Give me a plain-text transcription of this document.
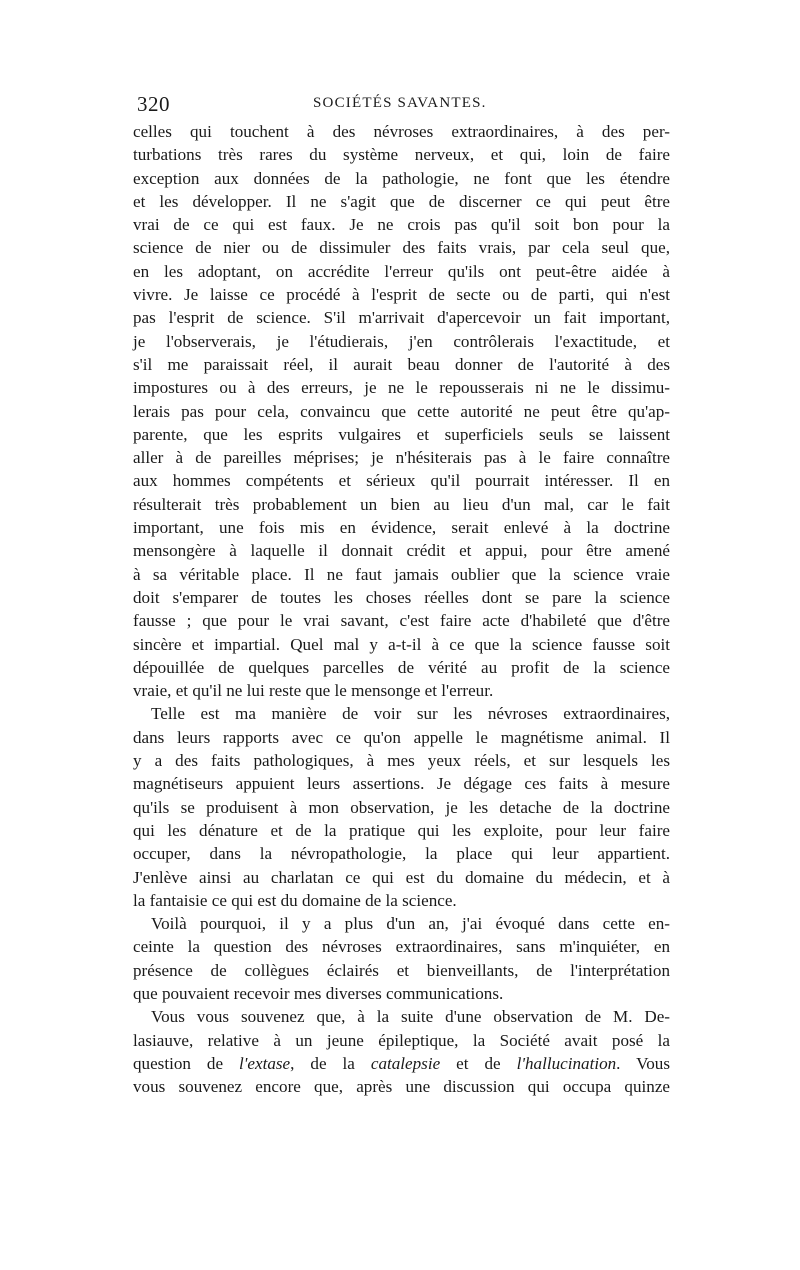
320	SOCIÉTÉS SAVANTES.
celles qui touchent à des névroses extraordinaires, à des per-
turbations très rares du système nerveux, et qui, loin de faire
exception aux données de la pathologie, ne font que les étendre
et les développer. Il ne s'agit que de discerner ce qui peut être
vrai de ce qui est faux. Je ne crois pas qu'il soit bon pour la
science de nier ou de dissimuler des faits vrais, par cela seul que,
en les adoptant, on accrédite l'erreur qu'ils ont peut-être aidée à
vivre. Je laisse ce procédé à l'esprit de secte ou de parti, qui n'est
pas l'esprit de science. S'il m'arrivait d'apercevoir un fait important,
je l'observerais, je l'étudierais, j'en contrôlerais l'exactitude, et
s'il me paraissait réel, il aurait beau donner de l'autorité à des
impostures ou à des erreurs, je ne le repousserais ni ne le dissimu-
lerais pas pour cela, convaincu que cette autorité ne peut être qu'ap-
parente, que les esprits vulgaires et superficiels seuls se laissent
aller à de pareilles méprises; je n'hésiterais pas à le faire connaître
aux hommes compétents et sérieux qu'il pourrait intéresser. Il en
résulterait très probablement un bien au lieu d'un mal, car le fait
important, une fois mis en évidence, serait enlevé à la doctrine
mensongère à laquelle il donnait crédit et appui, pour être amené
à sa véritable place. Il ne faut jamais oublier que la science vraie
doit s'emparer de toutes les choses réelles dont se pare la science
fausse ; que pour le vrai savant, c'est faire acte d'habileté que d'être
sincère et impartial. Quel mal y a-t-il à ce que la science fausse soit
dépouillée de quelques parcelles de vérité au profit de la science
vraie, et qu'il ne lui reste que le mensonge et l'erreur.
Telle est ma manière de voir sur les névroses extraordinaires,
dans leurs rapports avec ce qu'on appelle le magnétisme animal. Il
y a des faits pathologiques, à mes yeux réels, et sur lesquels les
magnétiseurs appuient leurs assertions. Je dégage ces faits à mesure
qu'ils se produisent à mon observation, je les detache de la doctrine
qui les dénature et de la pratique qui les exploite, pour leur faire
occuper, dans la névropathologie, la place qui leur appartient.
J'enlève ainsi au charlatan ce qui est du domaine du médecin, et à
la fantaisie ce qui est du domaine de la science.
Voilà pourquoi, il y a plus d'un an, j'ai évoqué dans cette en-
ceinte la question des névroses extraordinaires, sans m'inquiéter, en
présence de collègues éclairés et bienveillants, de l'interprétation
que pouvaient recevoir mes diverses communications.
Vous vous souvenez que, à la suite d'une observation de M. De-
lasiauve, relative à un jeune épileptique, la Société avait posé la
question de l'extase, de la catalepsie et de l'hallucination. Vous
vous souvenez encore que, après une discussion qui occupa quinze
